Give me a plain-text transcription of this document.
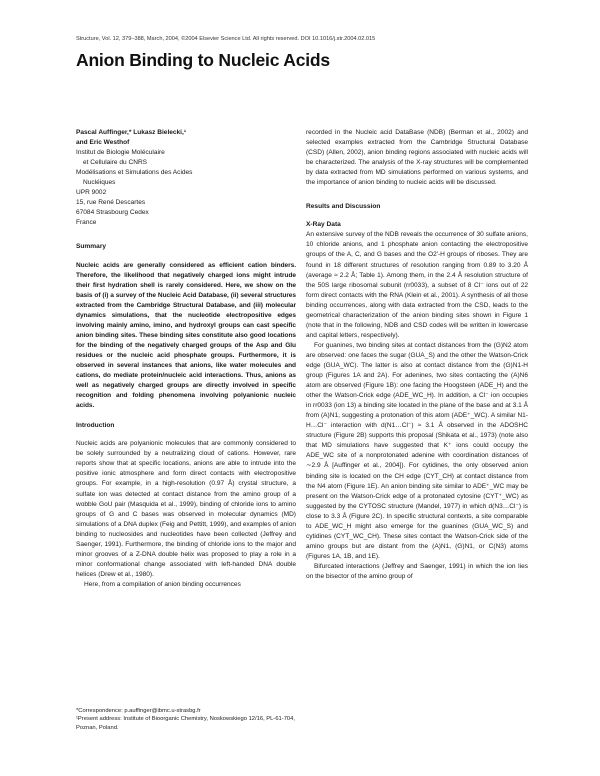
Structure, Vol. 12, 379–388, March, 2004, ©2004 Elsevier Science Ltd. All rights reserved. DOI 10.1016/j.str.2004.02.015
Anion Binding to Nucleic Acids

Pascal Auffinger,* Lukasz Bielecki,¹

and Eric Westhof

Institut de Biologie Moléculaire
et Cellulaire du CNRS
Modélisations et Simulations des Acides
Nucléiques
UPR 9002
15, rue René Descartes
67084 Strasbourg Cedex
France

Summary

Nucleic acids are generally considered as efficient cation binders. Therefore, the likelihood that negatively charged ions might intrude their first hydration shell is rarely considered. Here, we show on the basis of (i) a survey of the Nucleic Acid Database, (ii) several structures extracted from the Cambridge Structural Database, and (iii) molecular dynamics simulations, that the nucleotide electropositive edges involving mainly amino, imino, and hydroxyl groups can cast specific anion binding sites. These binding sites constitute also good locations for the binding of the negatively charged groups of the Asp and Glu residues or the nucleic acid phosphate groups. Furthermore, it is observed in several instances that anions, like water molecules and cations, do mediate protein/nucleic acid interactions. Thus, anions as well as negatively charged groups are directly involved in specific recognition and folding phenomena involving polyanionic nucleic acids.

Introduction

Nucleic acids are polyanionic molecules that are commonly considered to be solely surrounded by a neutralizing cloud of cations. However, rare reports show that at specific locations, anions are able to intrude into the positive ionic atmosphere and form direct contacts with electropositive groups. For example, in a high-resolution (0.97 Å) crystal structure, a sulfate ion was detected at contact distance from the amino group of a wobble GoU pair (Masquida et al., 1999), binding of chloride ions to amino groups of G and C bases was observed in molecular dynamics (MD) simulations of a DNA duplex (Feig and Pettitt, 1999), and examples of anion binding to nucleosides and nucleotides have been collected (Jeffrey and Saenger, 1991). Furthermore, the binding of chloride ions to the major and minor grooves of a Z-DNA double helix was proposed to play a role in a minor conformational change associated with left-handed DNA double helices (Drew et al., 1980).

Here, from a compilation of anion binding occurrences

*Correspondence: p.auffinger@ibmc.u-strasbg.fr

¹Present address: Institute of Bioorganic Chemistry, Noskowskiego 12/16, PL-61-704, Poznan, Poland.

recorded in the Nucleic acid DataBase (NDB) (Berman et al., 2002) and selected examples extracted from the Cambridge Structural Database (CSD) (Allen, 2002), anion binding regions associated with nucleic acids will be characterized. The analysis of the X-ray structures will be complemented by data extracted from MD simulations performed on various systems, and the importance of anion binding to nucleic acids will be discussed.

Results and Discussion

X-Ray Data

An extensive survey of the NDB reveals the occurrence of 30 sulfate anions, 10 chloride anions, and 1 phosphate anion contacting the electropositive groups of the A, C, and G bases and the O2′-H groups of riboses. They are found in 18 different structures of resolution ranging from 0.89 to 3.20 Å (average ≈ 2.2 Å; Table 1). Among them, in the 2.4 Å resolution structure of the 50S large ribosomal subunit (rr0033), a subset of 8 Cl⁻ ions out of 22 form direct contacts with the RNA (Klein et al., 2001). A synthesis of all those binding occurrences, along with data extracted from the CSD, leads to the geometrical characterization of the anion binding sites shown in Figure 1 (note that in the following, NDB and CSD codes will be written in lowercase and capital letters, respectively).

For guanines, two binding sites at contact distances from the (G)N2 atom are observed: one faces the sugar (GUA_S) and the other the Watson-Crick edge (GUA_WC). The latter is also at contact distance from the (G)N1-H group (Figures 1A and 2A). For adenines, two sites contacting the (A)N6 atom are observed (Figure 1B): one facing the Hoogsteen (ADE_H) and the other the Watson-Crick edge (ADE_WC_H). In addition, a Cl⁻ ion occupies in rr0033 (ion 13) a binding site located in the plane of the base and at 3.1 Å from (A)N1, suggesting a protonation of this atom (ADE⁺_WC). A similar N1-H…Cl⁻ interaction with d(N1…Cl⁻) ≈ 3.1 Å observed in the ADOSHC structure (Figure 2B) supports this proposal (Shikata et al., 1973) (note also that MD simulations have suggested that K⁺ ions could occupy the ADE_WC site of a nonprotonated adenine with coordination distances of ∼2.9 Å [Auffinger et al., 2004]). For cytidines, the only observed anion binding site is located on the CH edge (CYT_CH) at contact distance from the N4 atom (Figure 1E). An anion binding site similar to ADE⁺_WC may be present on the Watson-Crick edge of a protonated cytosine (CYT⁺_WC) as suggested by the CYTOSC structure (Mandel, 1977) in which d(N3…Cl⁻) is close to 3.3 Å (Figure 2C). In specific structural contexts, a site comparable to ADE_WC_H might also emerge for the guanines (GUA_WC_S) and cytidines (CYT_WC_CH). These sites contact the Watson-Crick side of the amino groups but are distant from the (A)N1, (G)N1, or C(N3) atoms (Figures 1A, 1B, and 1E).

Bifurcated interactions (Jeffrey and Saenger, 1991) in which the ion lies on the bisector of the amino group of
